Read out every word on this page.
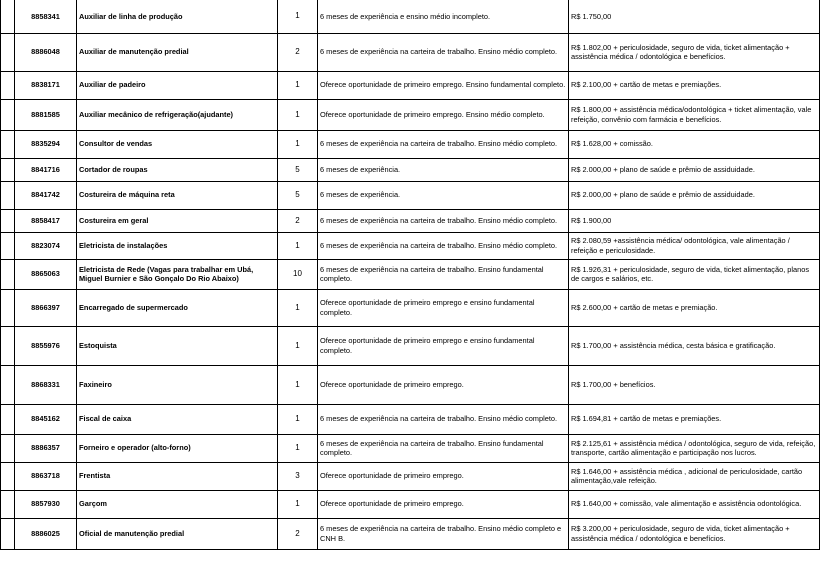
	8858341	Auxiliar de linha de produção	1	6 meses de experiência e ensino médio incompleto.	R$ 1.750,00
	8886048	Auxiliar de manutenção predial	2	6 meses de experiência na carteira de trabalho. Ensino médio completo.	R$ 1.802,00 + periculosidade, seguro de vida, ticket alimentação + assistência médica / odontológica e benefícios.
	8838171	Auxiliar de padeiro	1	Oferece oportunidade de primeiro emprego. Ensino fundamental completo.	R$ 2.100,00 + cartão de metas e premiações.
	8881585	Auxiliar mecânico de refrigeração(ajudante)	1	Oferece oportunidade de primeiro emprego. Ensino médio completo.	R$ 1.800,00 + assistência médica/odontológica + ticket alimentação, vale refeição, convênio com farmácia e benefícios.
	8835294	Consultor de vendas	1	6 meses de experiência na carteira de trabalho. Ensino médio completo.	R$ 1.628,00 + comissão.
	8841716	Cortador de roupas	5	6 meses de experiência.	R$ 2.000,00 + plano de saúde e prêmio de assiduidade.
	8841742	Costureira de máquina reta	5	6 meses de experiência.	R$ 2.000,00 + plano de saúde e prêmio de assiduidade.
	8858417	Costureira em geral	2	6 meses de experiência na carteira de trabalho. Ensino médio completo.	R$ 1.900,00
	8823074	Eletricista de instalações	1	6 meses de experiência na carteira de trabalho. Ensino médio completo.	R$ 2.080,59 +assistência médica/ odontológica, vale alimentação / refeição e periculosidade.
	8865063	Eletricista de Rede (Vagas para trabalhar em Ubá, Miguel Burnier e São Gonçalo Do Rio Abaixo)	10	6 meses de experiência na carteira de trabalho. Ensino fundamental completo.	R$ 1.926,31 + periculosidade, seguro de vida, ticket alimentação, planos de cargos e salários, etc.
	8866397	Encarregado de supermercado	1	Oferece oportunidade de primeiro emprego e ensino fundamental completo.	R$ 2.600,00 + cartão de metas e premiação.
	8855976	Estoquista	1	Oferece oportunidade de primeiro emprego e ensino fundamental completo.	R$ 1.700,00 + assistência médica, cesta básica e gratificação.
	8868331	Faxineiro	1	Oferece oportunidade de primeiro emprego.	R$ 1.700,00 + benefícios.
	8845162	Fiscal de caixa	1	6 meses de experiência na carteira de trabalho. Ensino médio completo.	R$ 1.694,81 + cartão de metas e premiações.
	8886357	Forneiro e operador (alto-forno)	1	6 meses de experiência na carteira de trabalho. Ensino fundamental completo.	R$ 2.125,61 + assistência médica / odontológica, seguro de vida, refeição, transporte, cartão alimentação e participação nos lucros.
	8863718	Frentista	3	Oferece oportunidade de primeiro emprego.	R$ 1.646,00 + assistência médica , adicional de periculosidade, cartão alimentação,vale refeição.
	8857930	Garçom	1	Oferece oportunidade de primeiro emprego.	R$ 1.640,00 + comissão, vale alimentação e assistência odontológica.
	8886025	Oficial de manutenção predial	2	6 meses de experiência na carteira de trabalho. Ensino médio completo e CNH B.	R$ 3.200,00 + periculosidade, seguro de vida, ticket alimentação + assistência médica / odontológica e benefícios.
